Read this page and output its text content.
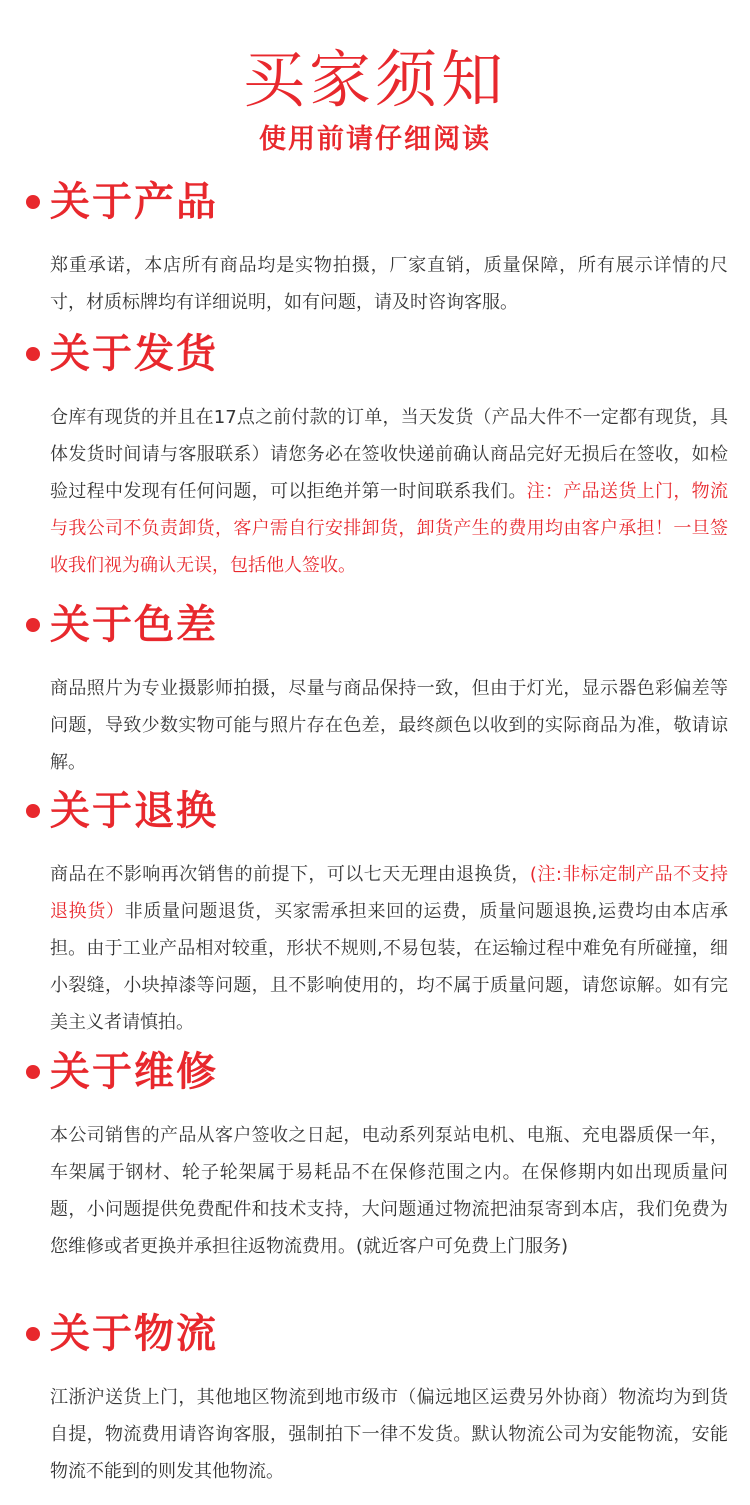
买家须知

使用前请仔细阅读

关于产品

郑重承诺，本店所有商品均是实物拍摄，厂家直销，质量保障，所有展示详情的尺寸，材质标牌均有详细说明，如有问题，请及时咨询客服。

关于发货

仓库有现货的并且在17点之前付款的订单，当天发货（产品大件不一定都有现货，具体发货时间请与客服联系）请您务必在签收快递前确认商品完好无损后在签收，如检验过程中发现有任何问题，可以拒绝并第一时间联系我们。注：产品送货上门，物流与我公司不负责卸货，客户需自行安排卸货，卸货产生的费用均由客户承担！一旦签收我们视为确认无误，包括他人签收。

关于色差

商品照片为专业摄影师拍摄，尽量与商品保持一致，但由于灯光，显示器色彩偏差等问题，导致少数实物可能与照片存在色差，最终颜色以收到的实际商品为准，敬请谅解。

关于退换

商品在不影响再次销售的前提下，可以七天无理由退换货，(注:非标定制产品不支持退换货）非质量问题退货，买家需承担来回的运费，质量问题退换,运费均由本店承担。由于工业产品相对较重，形状不规则,不易包装，在运输过程中难免有所碰撞，细小裂缝，小块掉漆等问题，且不影响使用的，均不属于质量问题，请您谅解。如有完美主义者请慎拍。

关于维修

本公司销售的产品从客户签收之日起，电动系列泵站电机、电瓶、充电器质保一年，车架属于钢材、轮子轮架属于易耗品不在保修范围之内。在保修期内如出现质量问题，小问题提供免费配件和技术支持，大问题通过物流把油泵寄到本店，我们免费为您维修或者更换并承担往返物流费用。(就近客户可免费上门服务)

关于物流

江浙沪送货上门，其他地区物流到地市级市（偏远地区运费另外协商）物流均为到货自提，物流费用请咨询客服，强制拍下一律不发货。默认物流公司为安能物流，安能物流不能到的则发其他物流。
